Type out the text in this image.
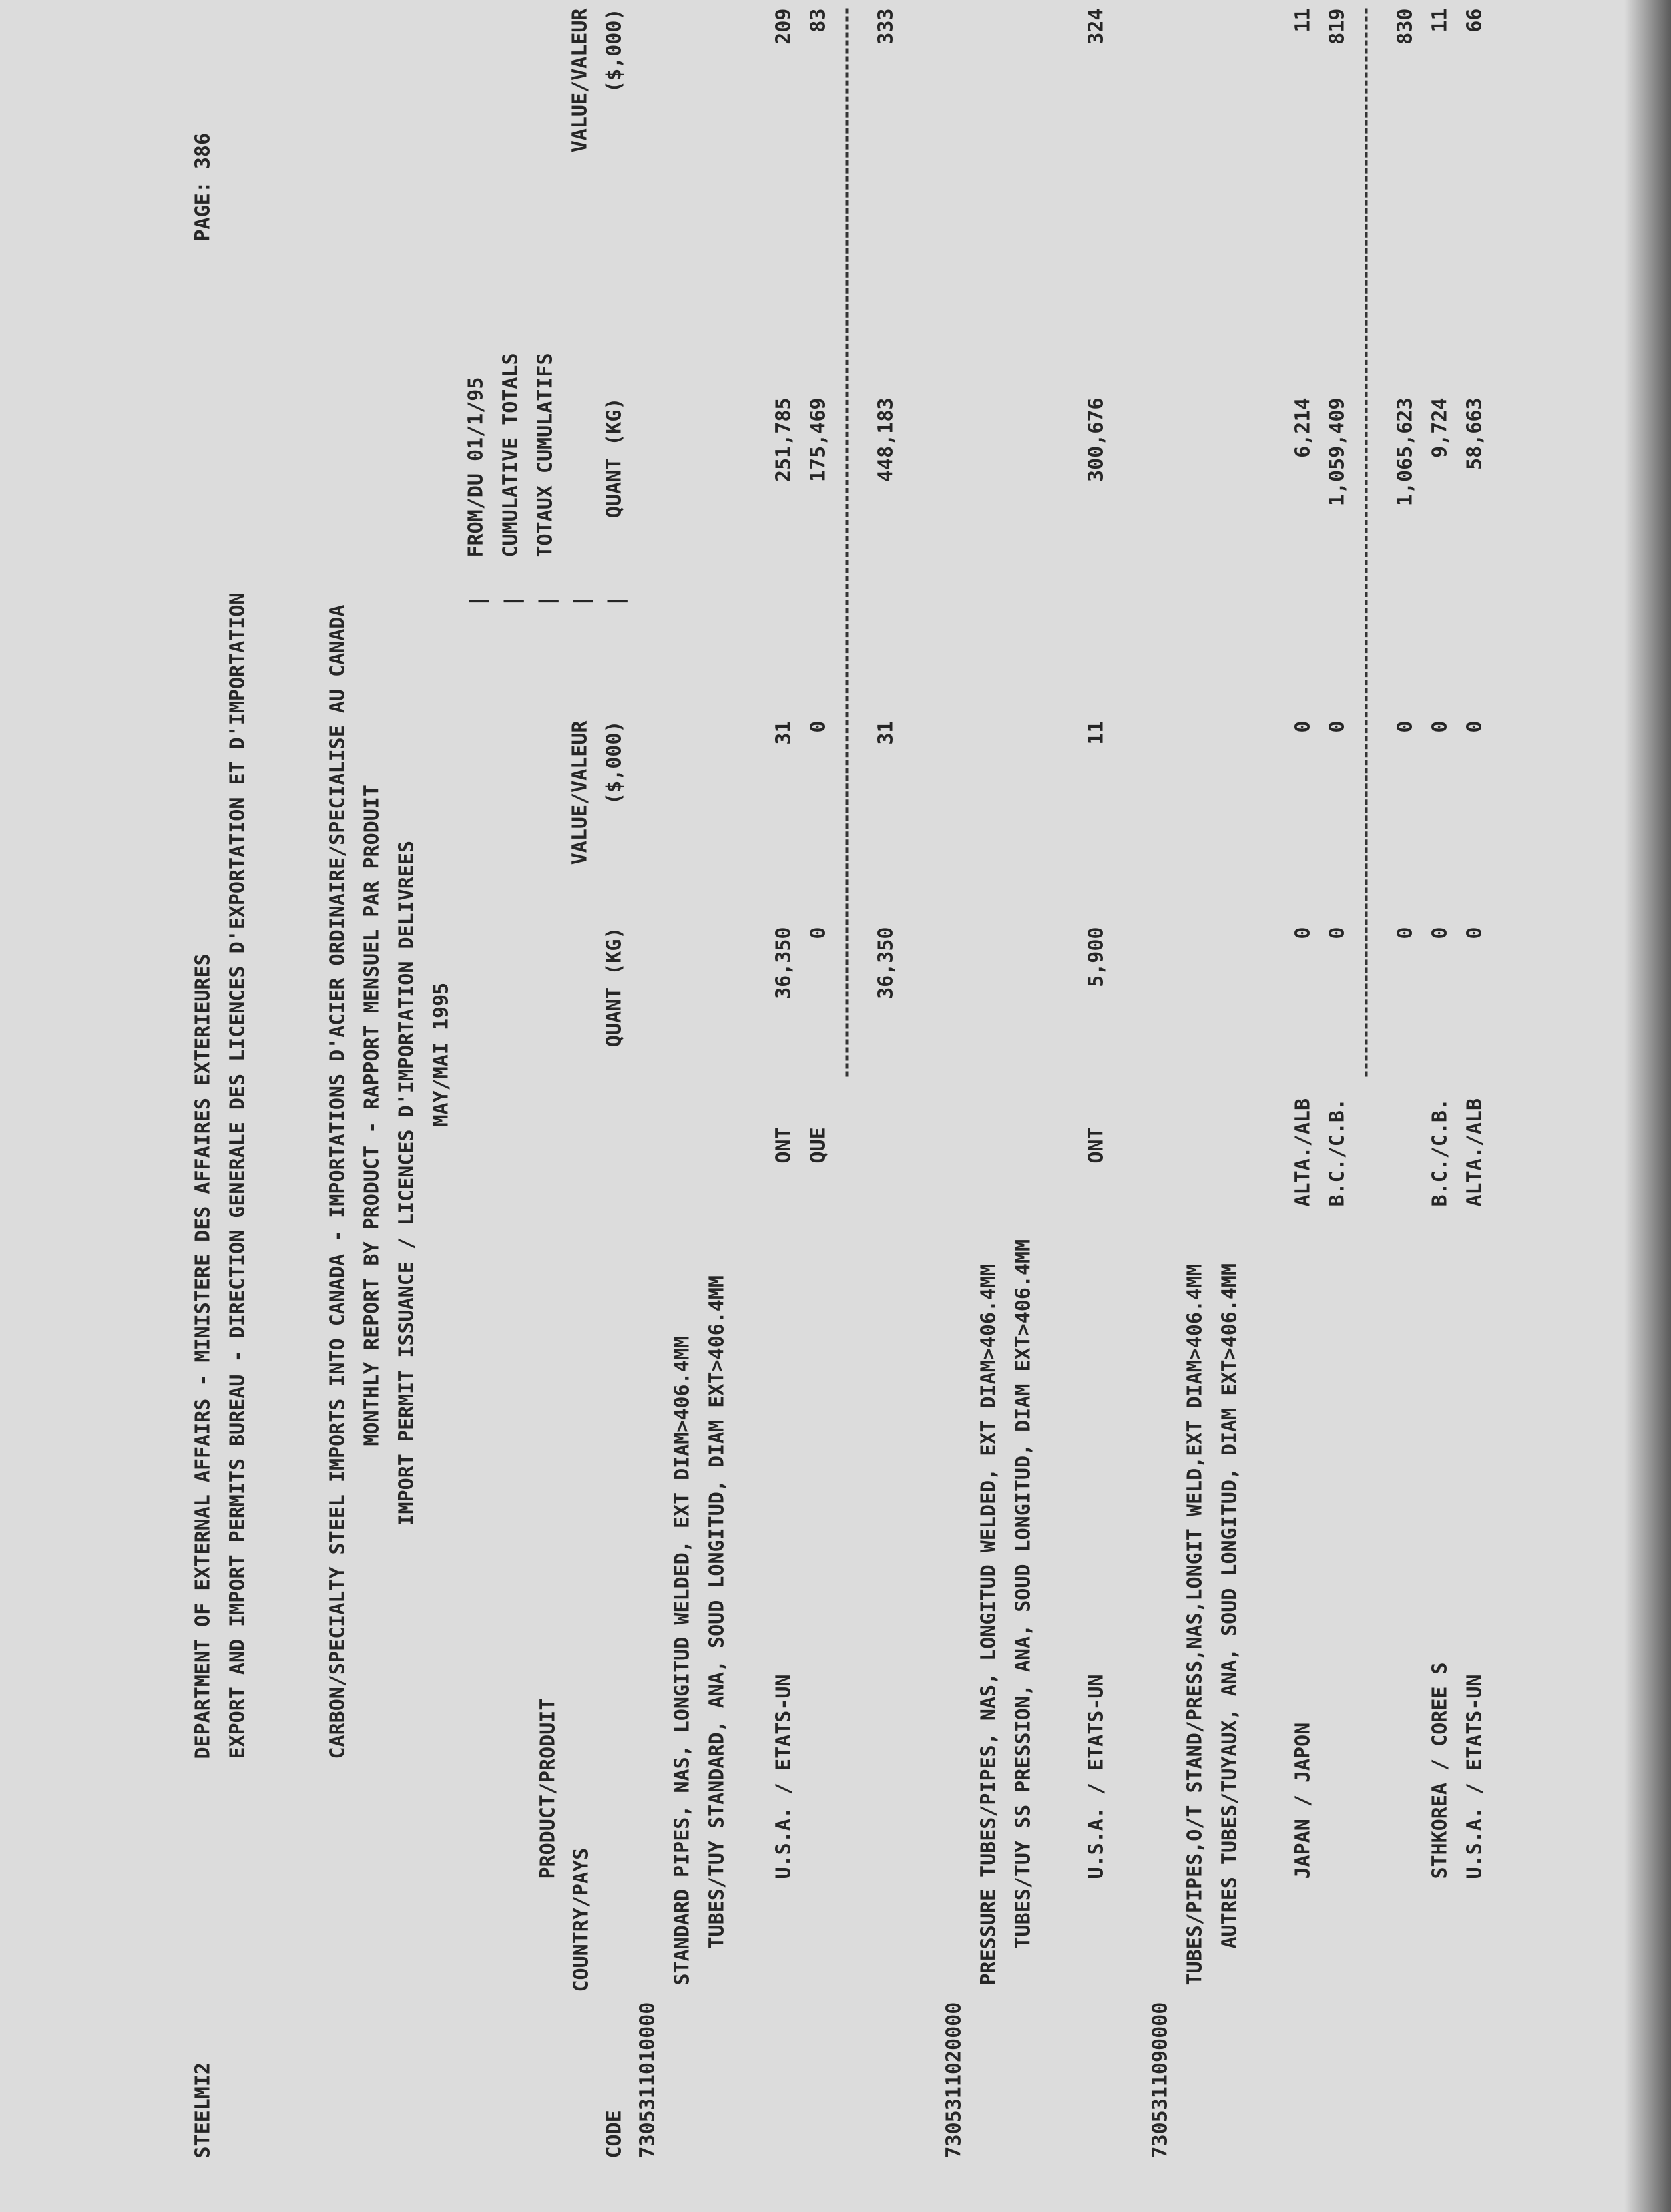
STEELMI2
DEPARTMENT OF EXTERNAL AFFAIRS - MINISTERE DES AFFAIRES EXTERIEURES EXPORT AND IMPORT PERMITS BUREAU - DIRECTION GENERALE DES LICENCES D'EXPORTATION ET D'IMPORTATION
PAGE: 386
CARBON/SPECIALTY STEEL IMPORTS INTO CANADA - IMPORTATIONS D'ACIER ORDINAIRE/SPECIALISE AU CANADA MONTHLY REPORT BY PRODUCT - RAPPORT MENSUEL PAR PRODUIT IMPORT PERMIT ISSUANCE / LICENCES D'IMPORTATION DELIVREES MAY/MAI 1995
FROM/DU 01/1/95 CUMULATIVE TOTALS TOTAUX CUMULATIFS
| | | | |
PRODUCT/PRODUIT
COUNTRY/PAYS
CODE
VALUE/VALEUR
QUANT (KG)
($,000)
VALUE/VALEUR
QUANT (KG)
($,000)
7305311010000
STANDARD PIPES, NAS, LONGITUD WELDED, EXT DIAM>406.4MM TUBES/TUY STANDARD, ANA, SOUD LONGITUD, DIAM EXT>406.4MM U.S.A. / ETATS-UN
ONT
36,350
31
251,785
209
QUE
0
0
175,469
83
36,350
31
448,183
333
7305311020000
PRESSURE TUBES/PIPES, NAS, LONGITUD WELDED, EXT DIAM>406.4MM TUBES/TUY SS PRESSION, ANA, SOUD LONGITUD, DIAM EXT>406.4MM	U.S.A. / ETATS-UN
ONT
5,900
11
300,676
324
7305311090000
TUBES/PIPES,O/T STAND/PRESS,NAS,LONGIT WELD,EXT DIAM>406.4MM AUTRES TUBES/TUYAUX, ANA, SOUD LONGITUD, DIAM EXT>406.4MM	JAPAN / JAPON
ALTA./ALB
0
0
6,214
11
B.C./C.B.
0
0
1,059,409
819
0
0
1,065,623
830
STHKOREA / COREE S
B.C./C.B.
0
0
9,724
11
U.S.A. / ETATS-UN
ALTA./ALB
0
0
58,663
66
